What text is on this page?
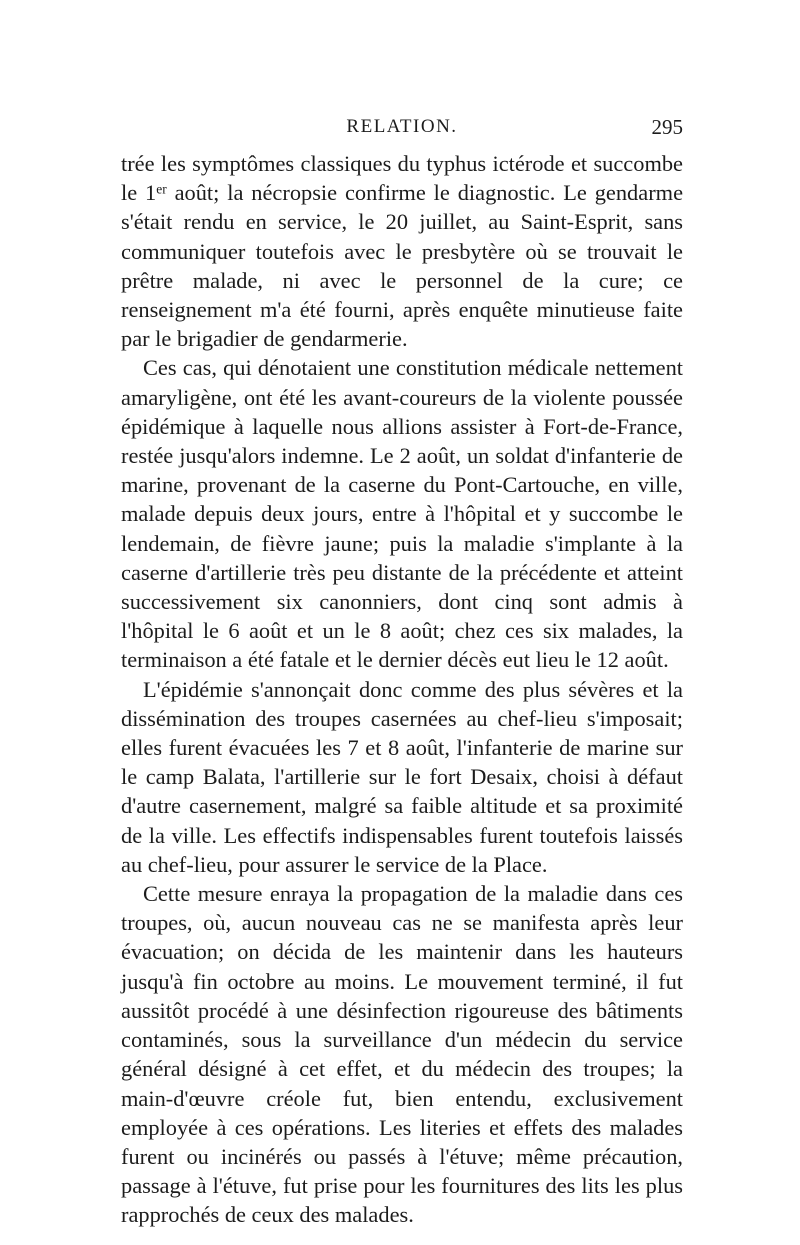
RELATION.	295

trée les symptômes classiques du typhus ictérode et succombe le 1er août; la nécropsie confirme le diagnostic. Le gendarme s'était rendu en service, le 20 juillet, au Saint-Esprit, sans communiquer toutefois avec le presbytère où se trouvait le prêtre malade, ni avec le personnel de la cure; ce renseignement m'a été fourni, après enquête minutieuse faite par le brigadier de gendarmerie.

Ces cas, qui dénotaient une constitution médicale nettement amaryligène, ont été les avant-coureurs de la violente poussée épidémique à laquelle nous allions assister à Fort-de-France, restée jusqu'alors indemne. Le 2 août, un soldat d'infanterie de marine, provenant de la caserne du Pont-Cartouche, en ville, malade depuis deux jours, entre à l'hôpital et y succombe le lendemain, de fièvre jaune; puis la maladie s'implante à la caserne d'artillerie très peu distante de la précédente et atteint successivement six canonniers, dont cinq sont admis à l'hôpital le 6 août et un le 8 août; chez ces six malades, la terminaison a été fatale et le dernier décès eut lieu le 12 août.

L'épidémie s'annonçait donc comme des plus sévères et la dissémination des troupes casernées au chef-lieu s'imposait; elles furent évacuées les 7 et 8 août, l'infanterie de marine sur le camp Balata, l'artillerie sur le fort Desaix, choisi à défaut d'autre casernement, malgré sa faible altitude et sa proximité de la ville. Les effectifs indispensables furent toutefois laissés au chef-lieu, pour assurer le service de la Place.

Cette mesure enraya la propagation de la maladie dans ces troupes, où, aucun nouveau cas ne se manifesta après leur évacuation; on décida de les maintenir dans les hauteurs jusqu'à fin octobre au moins. Le mouvement terminé, il fut aussitôt procédé à une désinfection rigoureuse des bâtiments contaminés, sous la surveillance d'un médecin du service général désigné à cet effet, et du médecin des troupes; la main-d'œuvre créole fut, bien entendu, exclusivement employée à ces opérations. Les literies et effets des malades furent ou incinérés ou passés à l'étuve; même précaution, passage à l'étuve, fut prise pour les fournitures des lits les plus rapprochés de ceux des malades.
